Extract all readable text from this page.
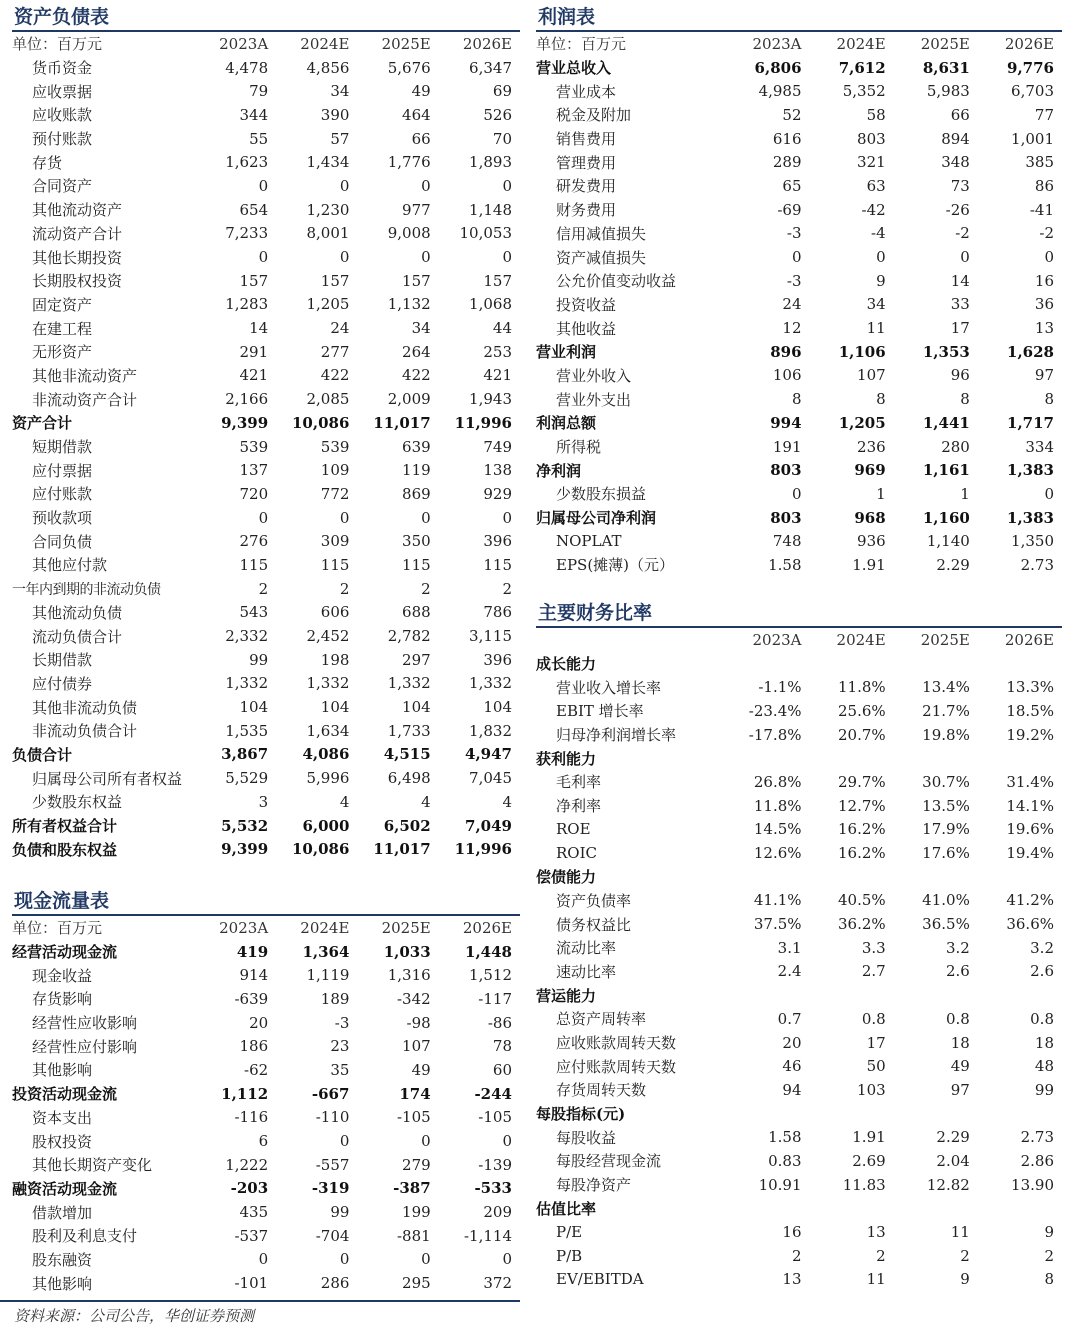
资产负债表
单位：百万元	2023A	2024E	2025E	2026E
货币资金	4,478	4,856	5,676	6,347
应收票据	79	34	49	69
应收账款	344	390	464	526
预付账款	55	57	66	70
存货	1,623	1,434	1,776	1,893
合同资产	0	0	0	0
其他流动资产	654	1,230	977	1,148
流动资产合计	7,233	8,001	9,008	10,053
其他长期投资	0	0	0	0
长期股权投资	157	157	157	157
固定资产	1,283	1,205	1,132	1,068
在建工程	14	24	34	44
无形资产	291	277	264	253
其他非流动资产	421	422	422	421
非流动资产合计	2,166	2,085	2,009	1,943
资产合计	9,399	10,086	11,017	11,996
短期借款	539	539	639	749
应付票据	137	109	119	138
应付账款	720	772	869	929
预收款项	0	0	0	0
合同负债	276	309	350	396
其他应付款	115	115	115	115
一年内到期的非流动负债	2	2	2	2
其他流动负债	543	606	688	786
流动负债合计	2,332	2,452	2,782	3,115
长期借款	99	198	297	396
应付债券	1,332	1,332	1,332	1,332
其他非流动负债	104	104	104	104
非流动负债合计	1,535	1,634	1,733	1,832
负债合计	3,867	4,086	4,515	4,947
归属母公司所有者权益	5,529	5,996	6,498	7,045
少数股东权益	3	4	4	4
所有者权益合计	5,532	6,000	6,502	7,049
负债和股东权益	9,399	10,086	11,017	11,996
现金流量表
单位：百万元	2023A	2024E	2025E	2026E
经营活动现金流	419	1,364	1,033	1,448
现金收益	914	1,119	1,316	1,512
存货影响	-639	189	-342	-117
经营性应收影响	20	-3	-98	-86
经营性应付影响	186	23	107	78
其他影响	-62	35	49	60
投资活动现金流	1,112	-667	174	-244
资本支出	-116	-110	-105	-105
股权投资	6	0	0	0
其他长期资产变化	1,222	-557	279	-139
融资活动现金流	-203	-319	-387	-533
借款增加	435	99	199	209
股利及利息支付	-537	-704	-881	-1,114
股东融资	0	0	0	0
其他影响	-101	286	295	372
利润表
单位：百万元	2023A	2024E	2025E	2026E
营业总收入	6,806	7,612	8,631	9,776
营业成本	4,985	5,352	5,983	6,703
税金及附加	52	58	66	77
销售费用	616	803	894	1,001
管理费用	289	321	348	385
研发费用	65	63	73	86
财务费用	-69	-42	-26	-41
信用减值损失	-3	-4	-2	-2
资产减值损失	0	0	0	0
公允价值变动收益	-3	9	14	16
投资收益	24	34	33	36
其他收益	12	11	17	13
营业利润	896	1,106	1,353	1,628
营业外收入	106	107	96	97
营业外支出	8	8	8	8
利润总额	994	1,205	1,441	1,717
所得税	191	236	280	334
净利润	803	969	1,161	1,383
少数股东损益	0	1	1	0
归属母公司净利润	803	968	1,160	1,383
NOPLAT	748	936	1,140	1,350
EPS(摊薄)（元）	1.58	1.91	2.29	2.73
主要财务比率
	2023A	2024E	2025E	2026E
成长能力				
营业收入增长率	-1.1%	11.8%	13.4%	13.3%
EBIT 增长率	-23.4%	25.6%	21.7%	18.5%
归母净利润增长率	-17.8%	20.7%	19.8%	19.2%
获利能力				
毛利率	26.8%	29.7%	30.7%	31.4%
净利率	11.8%	12.7%	13.5%	14.1%
ROE	14.5%	16.2%	17.9%	19.6%
ROIC	12.6%	16.2%	17.6%	19.4%
偿债能力				
资产负债率	41.1%	40.5%	41.0%	41.2%
债务权益比	37.5%	36.2%	36.5%	36.6%
流动比率	3.1	3.3	3.2	3.2
速动比率	2.4	2.7	2.6	2.6
营运能力				
总资产周转率	0.7	0.8	0.8	0.8
应收账款周转天数	20	17	18	18
应付账款周转天数	46	50	49	48
存货周转天数	94	103	97	99
每股指标(元)				
每股收益	1.58	1.91	2.29	2.73
每股经营现金流	0.83	2.69	2.04	2.86
每股净资产	10.91	11.83	12.82	13.90
估值比率				
P/E	16	13	11	9
P/B	2	2	2	2
EV/EBITDA	13	11	9	8
资料来源：公司公告，华创证券预测
